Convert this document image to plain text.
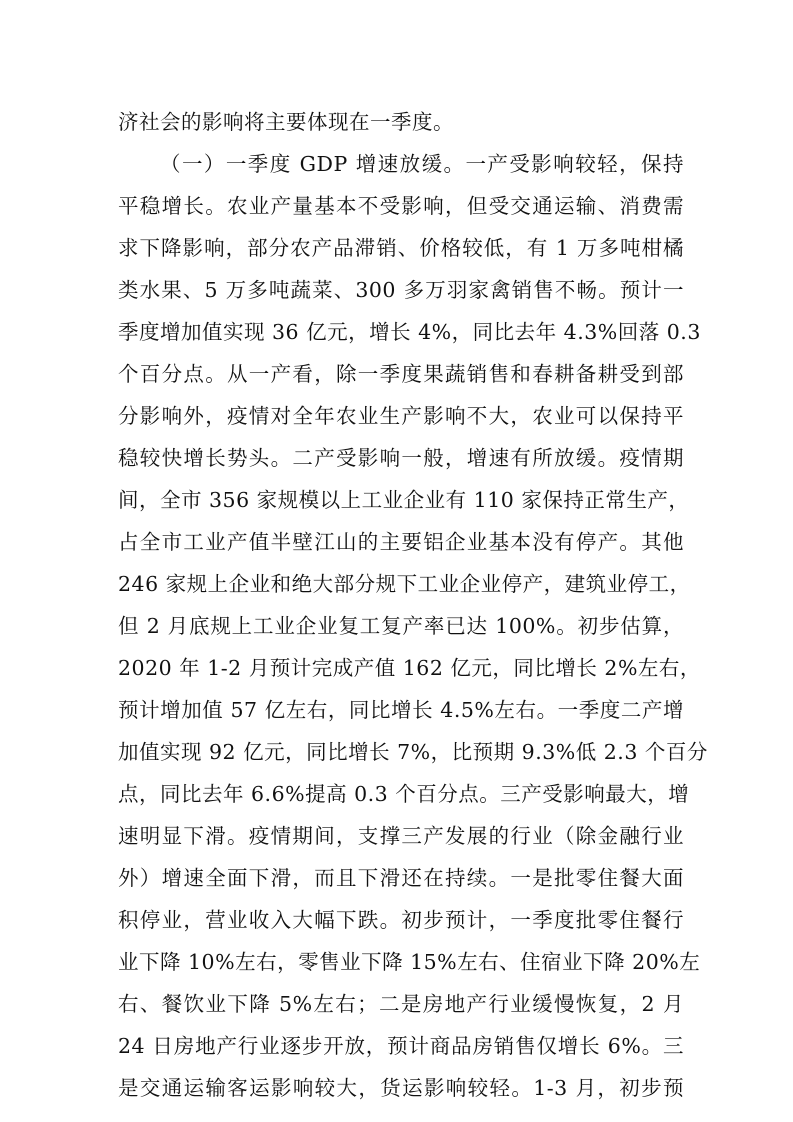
济社会的影响将主要体现在一季度。
（一）一季度 GDP 增速放缓。一产受影响较轻，保持
平稳增长。农业产量基本不受影响，但受交通运输、消费需
求下降影响，部分农产品滞销、价格较低，有 1 万多吨柑橘
类水果、5 万多吨蔬菜、300 多万羽家禽销售不畅。预计一
季度增加值实现 36 亿元，增长 4%，同比去年 4.3%回落 0.3
个百分点。从一产看，除一季度果蔬销售和春耕备耕受到部
分影响外，疫情对全年农业生产影响不大，农业可以保持平
稳较快增长势头。二产受影响一般，增速有所放缓。疫情期
间，全市 356 家规模以上工业企业有 110 家保持正常生产，
占全市工业产值半壁江山的主要铝企业基本没有停产。其他
246 家规上企业和绝大部分规下工业企业停产，建筑业停工，
但 2 月底规上工业企业复工复产率已达 100%。初步估算，
2020 年 1-2 月预计完成产值 162 亿元，同比增长 2%左右，
预计增加值 57 亿左右，同比增长 4.5%左右。一季度二产增
加值实现 92 亿元，同比增长 7%，比预期 9.3%低 2.3 个百分
点，同比去年 6.6%提高 0.3 个百分点。三产受影响最大，增
速明显下滑。疫情期间，支撑三产发展的行业（除金融行业
外）增速全面下滑，而且下滑还在持续。一是批零住餐大面
积停业，营业收入大幅下跌。初步预计，一季度批零住餐行
业下降 10%左右，零售业下降 15%左右、住宿业下降 20%左
右、餐饮业下降 5%左右；二是房地产行业缓慢恢复，2 月
24 日房地产行业逐步开放，预计商品房销售仅增长 6%。三
是交通运输客运影响较大，货运影响较轻。1-3 月，初步预
